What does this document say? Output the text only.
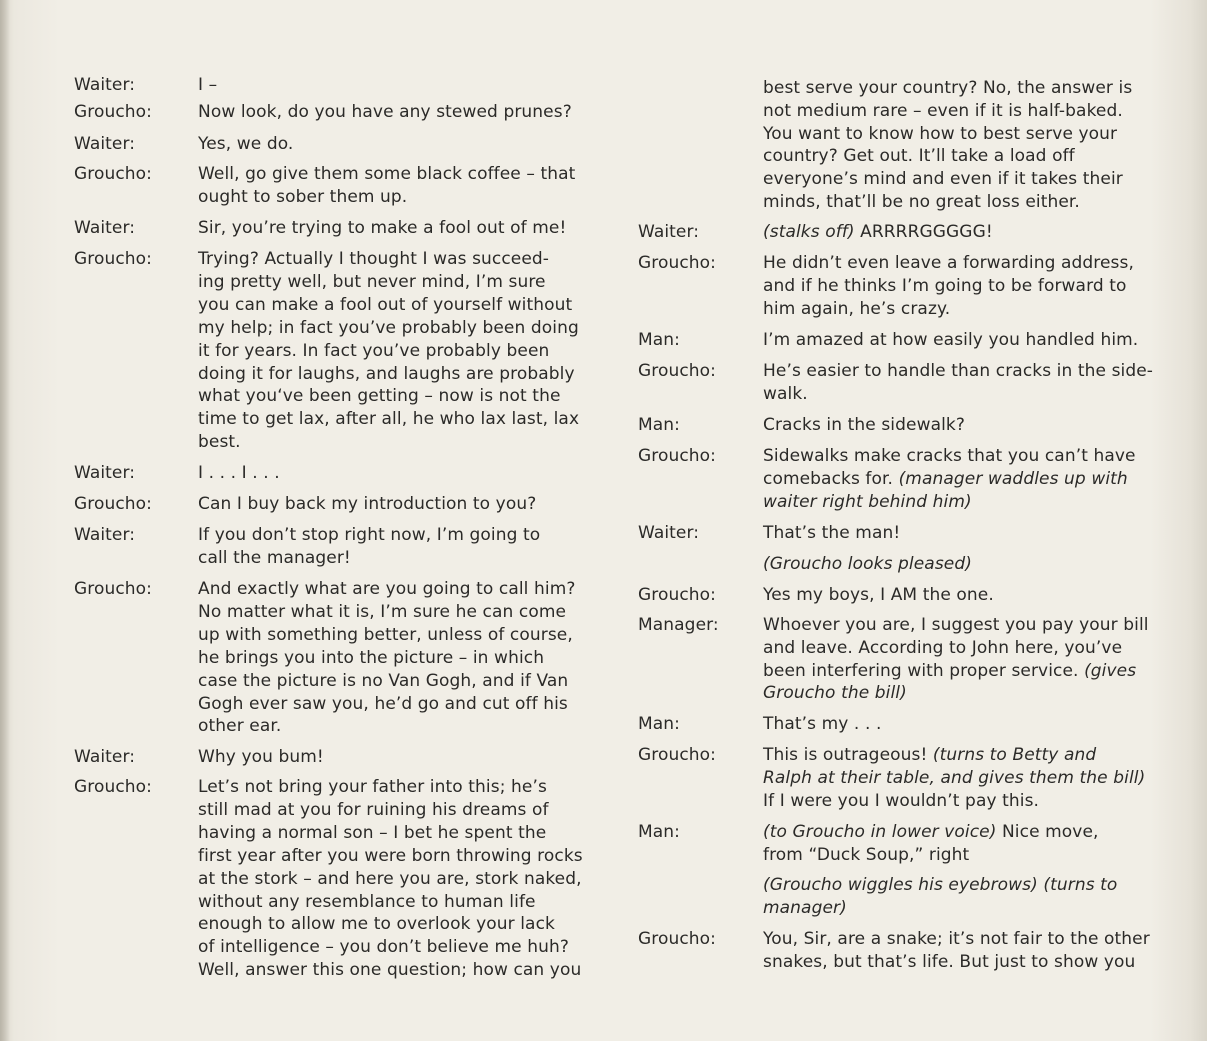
Waiter:	I –
Groucho:	Now look, do you have any stewed prunes?
Waiter:	Yes, we do.
Groucho:	Well, go give them some black coffee – that
ought to sober them up.
Waiter:	Sir, you’re trying to make a fool out of me!
Groucho:	Trying? Actually I thought I was succeed-
ing pretty well, but never mind, I’m sure
you can make a fool out of yourself without
my help; in fact you’ve probably been doing
it for years. In fact you’ve probably been
doing it for laughs, and laughs are probably
what you‘ve been getting – now is not the
time to get lax, after all, he who lax last, lax
best.
Waiter:	I . . . I . . .
Groucho:	Can I buy back my introduction to you?
Waiter:	If you don’t stop right now, I’m going to
call the manager!
Groucho:	And exactly what are you going to call him?
No matter what it is, I’m sure he can come
up with something better, unless of course,
he brings you into the picture – in which
case the picture is no Van Gogh, and if Van
Gogh ever saw you, he’d go and cut off his
other ear.
Waiter:	Why you bum!
Groucho:	Let’s not bring your father into this; he’s
still mad at you for ruining his dreams of
having a normal son – I bet he spent the
first year after you were born throwing rocks
at the stork – and here you are, stork naked,
without any resemblance to human life
enough to allow me to overlook your lack
of intelligence – you don’t believe me huh?
Well, answer this one question; how can you
best serve your country? No, the answer is
not medium rare – even if it is half-baked.
You want to know how to best serve your
country? Get out. It’ll take a load off
everyone’s mind and even if it takes their
minds, that’ll be no great loss either.
Waiter:	(stalks off) ARRRRGGGGG!
Groucho:	He didn’t even leave a forwarding address,
and if he thinks I’m going to be forward to
him again, he’s crazy.
Man:	I’m amazed at how easily you handled him.
Groucho:	He’s easier to handle than cracks in the side-
walk.
Man:	Cracks in the sidewalk?
Groucho:	Sidewalks make cracks that you can’t have
comebacks for. (manager waddles up with
waiter right behind him)
Waiter:	That’s the man!
(Groucho looks pleased)
Groucho:	Yes my boys, I AM the one.
Manager:	Whoever you are, I suggest you pay your bill
and leave. According to John here, you’ve
been interfering with proper service. (gives
Groucho the bill)
Man:	That’s my . . .
Groucho:	This is outrageous! (turns to Betty and
Ralph at their table, and gives them the bill)
If I were you I wouldn’t pay this.
Man:	(to Groucho in lower voice) Nice move,
from “Duck Soup,” right
(Groucho wiggles his eyebrows) (turns to
manager)
Groucho:	You, Sir, are a snake; it’s not fair to the other
snakes, but that’s life. But just to show you
